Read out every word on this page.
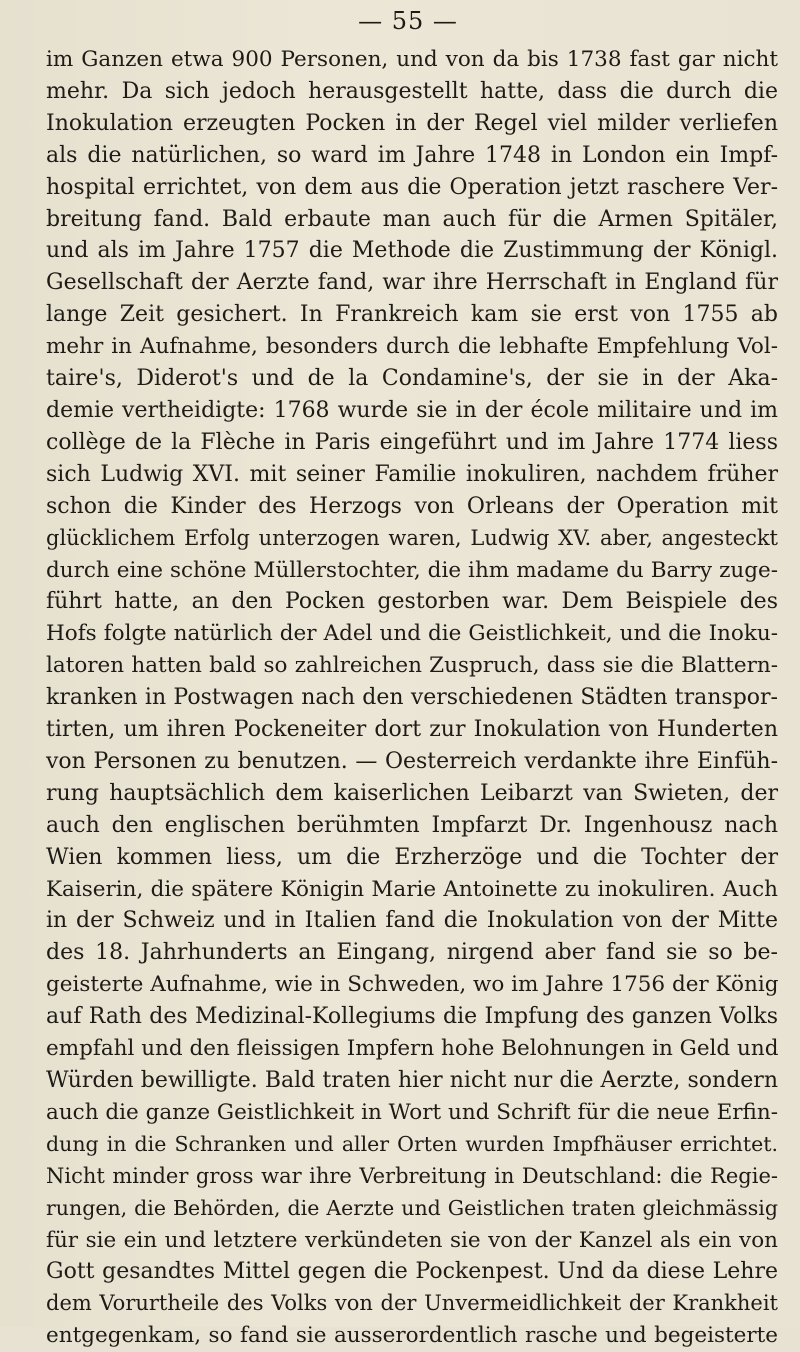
— 55 —
im Ganzen etwa 900 Personen, und von da bis 1738 fast gar nicht
mehr. Da sich jedoch herausgestellt hatte, dass die durch die
Inokulation erzeugten Pocken in der Regel viel milder verliefen
als die natürlichen, so ward im Jahre 1748 in London ein Impf-
hospital errichtet, von dem aus die Operation jetzt raschere Ver-
breitung fand. Bald erbaute man auch für die Armen Spitäler,
und als im Jahre 1757 die Methode die Zustimmung der Königl.
Gesellschaft der Aerzte fand, war ihre Herrschaft in England für
lange Zeit gesichert. In Frankreich kam sie erst von 1755 ab
mehr in Aufnahme, besonders durch die lebhafte Empfehlung Vol-
taire's, Diderot's und de la Condamine's, der sie in der Aka-
demie vertheidigte: 1768 wurde sie in der école militaire und im
collège de la Flèche in Paris eingeführt und im Jahre 1774 liess
sich Ludwig XVI. mit seiner Familie inokuliren, nachdem früher
schon die Kinder des Herzogs von Orleans der Operation mit
glücklichem Erfolg unterzogen waren, Ludwig XV. aber, angesteckt
durch eine schöne Müllerstochter, die ihm madame du Barry zuge-
führt hatte, an den Pocken gestorben war. Dem Beispiele des
Hofs folgte natürlich der Adel und die Geistlichkeit, und die Inoku-
latoren hatten bald so zahlreichen Zuspruch, dass sie die Blattern-
kranken in Postwagen nach den verschiedenen Städten transpor-
tirten, um ihren Pockeneiter dort zur Inokulation von Hunderten
von Personen zu benutzen. — Oesterreich verdankte ihre Einfüh-
rung hauptsächlich dem kaiserlichen Leibarzt van Swieten, der
auch den englischen berühmten Impfarzt Dr. Ingenhousz nach
Wien kommen liess, um die Erzherzöge und die Tochter der
Kaiserin, die spätere Königin Marie Antoinette zu inokuliren. Auch
in der Schweiz und in Italien fand die Inokulation von der Mitte
des 18. Jahrhunderts an Eingang, nirgend aber fand sie so be-
geisterte Aufnahme, wie in Schweden, wo im Jahre 1756 der König
auf Rath des Medizinal-Kollegiums die Impfung des ganzen Volks
empfahl und den fleissigen Impfern hohe Belohnungen in Geld und
Würden bewilligte. Bald traten hier nicht nur die Aerzte, sondern
auch die ganze Geistlichkeit in Wort und Schrift für die neue Erfin-
dung in die Schranken und aller Orten wurden Impfhäuser errichtet.
Nicht minder gross war ihre Verbreitung in Deutschland: die Regie-
rungen, die Behörden, die Aerzte und Geistlichen traten gleichmässig
für sie ein und letztere verkündeten sie von der Kanzel als ein von
Gott gesandtes Mittel gegen die Pockenpest. Und da diese Lehre
dem Vorurtheile des Volks von der Unvermeidlichkeit der Krankheit
entgegenkam, so fand sie ausserordentlich rasche und begeisterte
